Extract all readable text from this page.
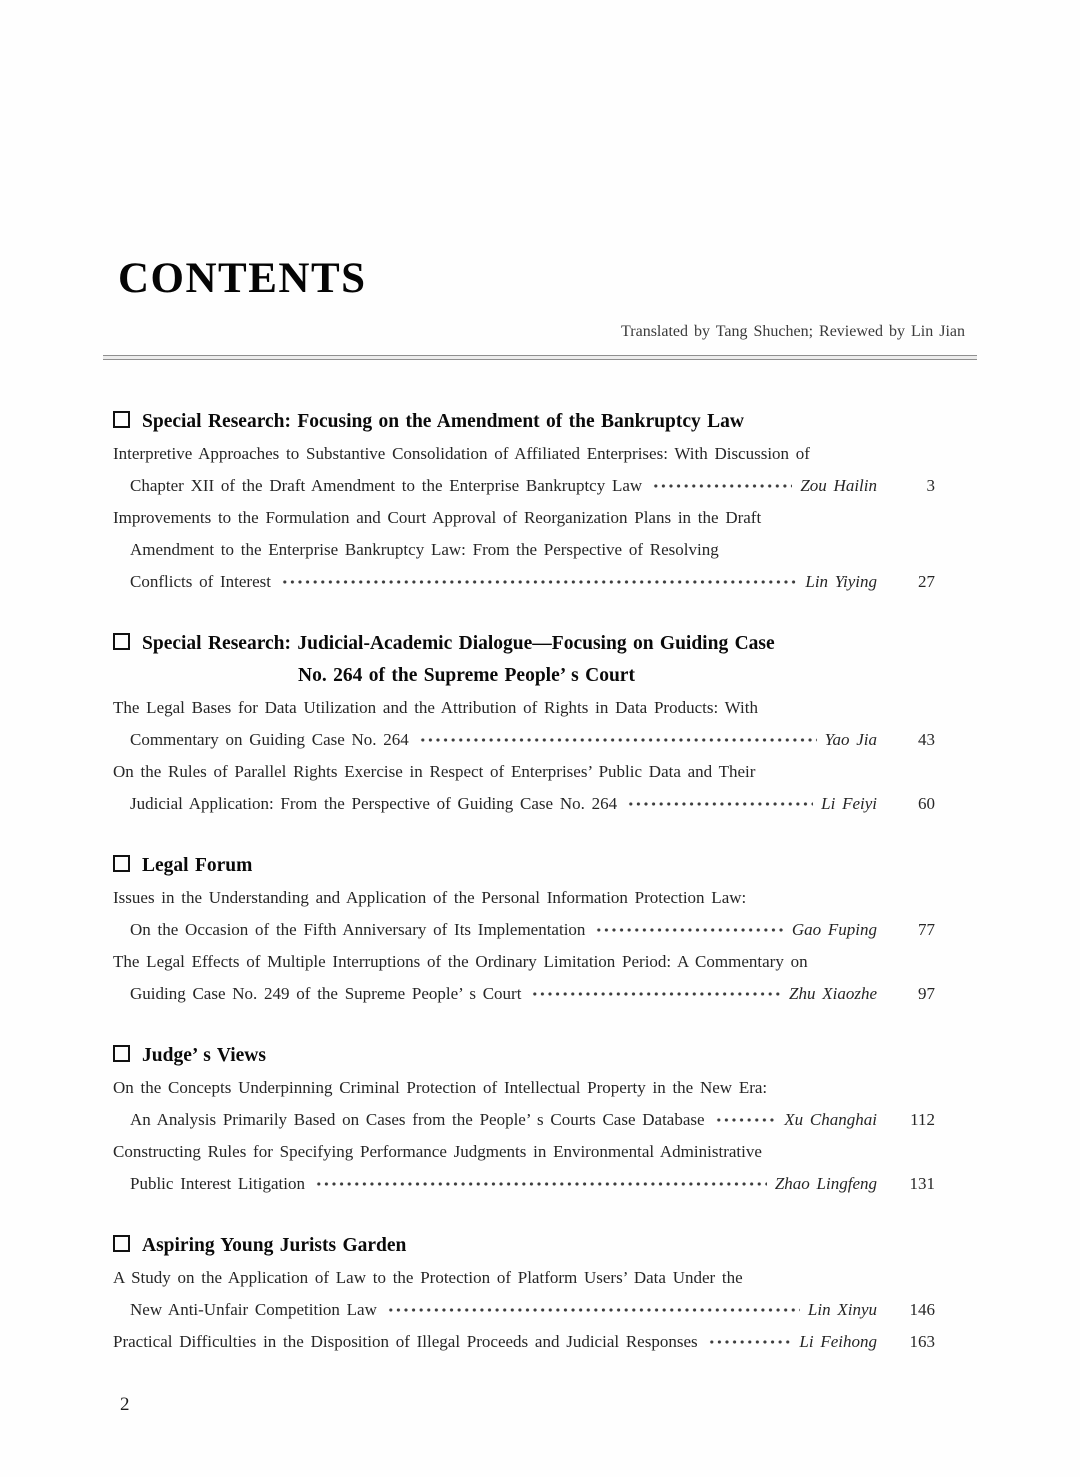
CONTENTS
Translated by Tang Shuchen; Reviewed by Lin Jian
Special Research: Focusing on the Amendment of the Bankruptcy Law
Interpretive Approaches to Substantive Consolidation of Affiliated Enterprises: With Discussion of
Chapter XII of the Draft Amendment to the Enterprise Bankruptcy Law	Zou Hailin	3
Improvements to the Formulation and Court Approval of Reorganization Plans in the Draft
Amendment to the Enterprise Bankruptcy Law: From the Perspective of Resolving
Conflicts of Interest	Lin Yiying	27
Special Research: Judicial-Academic Dialogue—Focusing on Guiding Case
No. 264 of the Supreme People’ s Court
The Legal Bases for Data Utilization and the Attribution of Rights in Data Products: With
Commentary on Guiding Case No. 264	Yao Jia	43
On the Rules of Parallel Rights Exercise in Respect of Enterprises’ Public Data and Their
Judicial Application: From the Perspective of Guiding Case No. 264	Li Feiyi	60
Legal Forum
Issues in the Understanding and Application of the Personal Information Protection Law:
On the Occasion of the Fifth Anniversary of Its Implementation	Gao Fuping	77
The Legal Effects of Multiple Interruptions of the Ordinary Limitation Period: A Commentary on
Guiding Case No. 249 of the Supreme People’ s Court	Zhu Xiaozhe	97
Judge’ s Views
On the Concepts Underpinning Criminal Protection of Intellectual Property in the New Era:
An Analysis Primarily Based on Cases from the People’ s Courts Case Database	Xu Changhai	112
Constructing Rules for Specifying Performance Judgments in Environmental Administrative
Public Interest Litigation	Zhao Lingfeng	131
Aspiring Young Jurists Garden
A Study on the Application of Law to the Protection of Platform Users’ Data Under the
New Anti-Unfair Competition Law	Lin Xinyu	146
Practical Difficulties in the Disposition of Illegal Proceeds and Judicial Responses	Li Feihong	163
2
